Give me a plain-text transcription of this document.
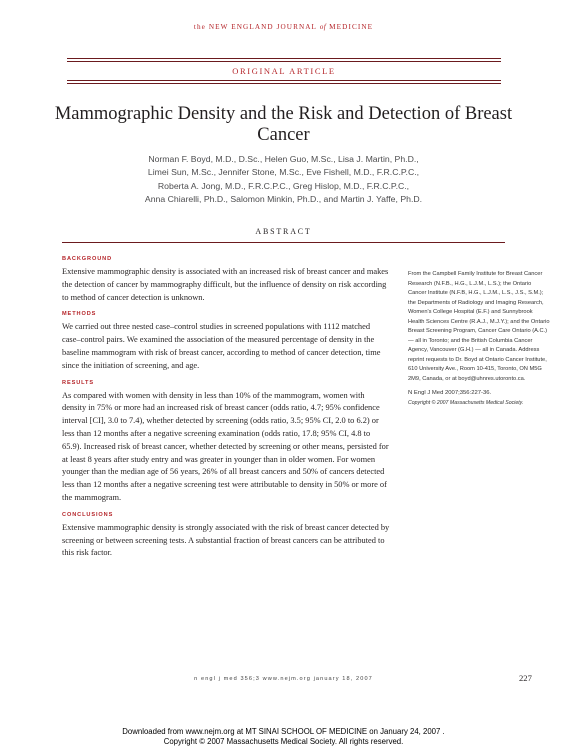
the NEW ENGLAND JOURNAL of MEDICINE
ORIGINAL ARTICLE
Mammographic Density and the Risk and Detection of Breast Cancer
Norman F. Boyd, M.D., D.Sc., Helen Guo, M.Sc., Lisa J. Martin, Ph.D.,
Limei Sun, M.Sc., Jennifer Stone, M.Sc., Eve Fishell, M.D., F.R.C.P.C.,
Roberta A. Jong, M.D., F.R.C.P.C., Greg Hislop, M.D., F.R.C.P.C.,
Anna Chiarelli, Ph.D., Salomon Minkin, Ph.D., and Martin J. Yaffe, Ph.D.
ABSTRACT

BACKGROUND

Extensive mammographic density is associated with an increased risk of breast cancer and makes the detection of cancer by mammography difficult, but the influence of density on risk according to method of cancer detection is unknown.

METHODS

We carried out three nested case–control studies in screened populations with 1112 matched case–control pairs. We examined the association of the measured percentage of density in the baseline mammogram with risk of breast cancer, according to method of cancer detection, time since the initiation of screening, and age.

RESULTS

As compared with women with density in less than 10% of the mammogram, women with density in 75% or more had an increased risk of breast cancer (odds ratio, 4.7; 95% confidence interval [CI], 3.0 to 7.4), whether detected by screening (odds ratio, 3.5; 95% CI, 2.0 to 6.2) or less than 12 months after a negative screening examination (odds ratio, 17.8; 95% CI, 4.8 to 65.9). Increased risk of breast cancer, whether detected by screening or other means, persisted for at least 8 years after study entry and was greater in younger than in older women. For women younger than the median age of 56 years, 26% of all breast cancers and 50% of cancers detected less than 12 months after a negative screening test were attributable to density in 50% or more of the mammogram.

CONCLUSIONS

Extensive mammographic density is strongly associated with the risk of breast cancer detected by screening or between screening tests. A substantial fraction of breast cancers can be attributed to this risk factor.

From the Campbell Family Institute for Breast Cancer Research (N.F.B., H.G., L.J.M., L.S.); the Ontario Cancer Institute (N.F.B, H.G., L.J.M., L.S., J.S., S.M.); the Departments of Radiology and Imaging Research, Women's College Hospital (E.F.) and Sunnybrook Health Sciences Centre (R.A.J., M.J.Y.); and the Ontario Breast Screening Program, Cancer Care Ontario (A.C.) — all in Toronto; and the British Columbia Cancer Agency, Vancouver (G.H.) — all in Canada. Address reprint requests to Dr. Boyd at Ontario Cancer Institute, 610 University Ave., Room 10-415, Toronto, ON M5G 2M9, Canada, or at boyd@uhnres.utoronto.ca.

N Engl J Med 2007;356:227-36.

Copyright © 2007 Massachusetts Medical Society.

n engl j med 356;3 www.nejm.org january 18, 2007	227
Downloaded from www.nejm.org at MT SINAI SCHOOL OF MEDICINE on January 24, 2007 .
Copyright © 2007 Massachusetts Medical Society. All rights reserved.
